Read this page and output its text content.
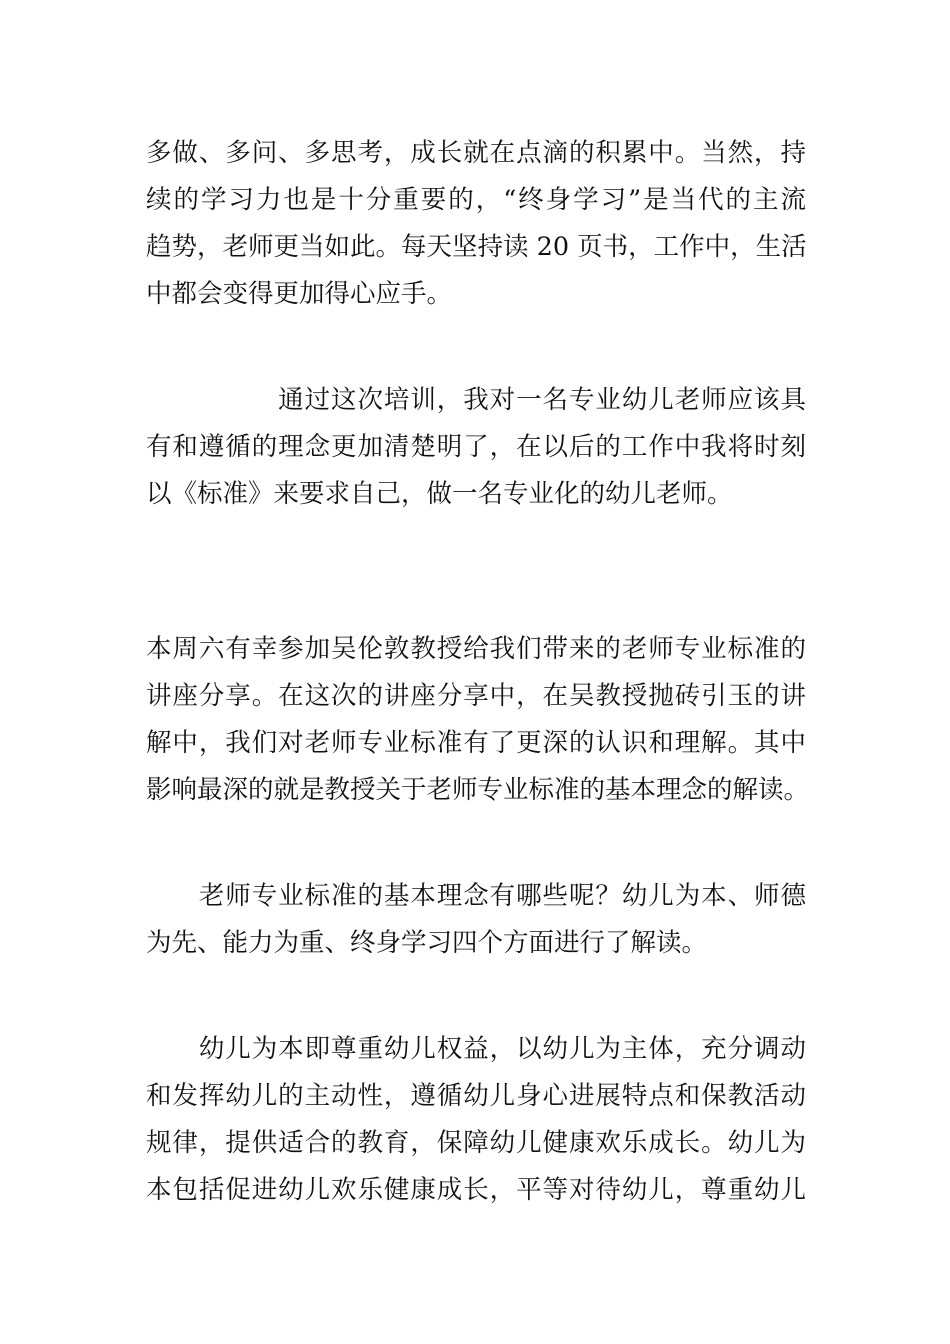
多做、多问、多思考，成长就在点滴的积累中。当然，持

续的学习力也是十分重要的，“终身学习”是当代的主流

趋势，老师更当如此。每天坚持读 20 页书，工作中，生活

中都会变得更加得心应手。

　　　　　通过这次培训，我对一名专业幼儿老师应该具

有和遵循的理念更加清楚明了，在以后的工作中我将时刻

以《标准》来要求自己，做一名专业化的幼儿老师。

本周六有幸参加吴伦敦教授给我们带来的老师专业标准的

讲座分享。在这次的讲座分享中，在吴教授抛砖引玉的讲

解中，我们对老师专业标准有了更深的认识和理解。其中

影响最深的就是教授关于老师专业标准的基本理念的解读。

　　老师专业标准的基本理念有哪些呢？幼儿为本、师德

为先、能力为重、终身学习四个方面进行了解读。

　　幼儿为本即尊重幼儿权益，以幼儿为主体，充分调动

和发挥幼儿的主动性，遵循幼儿身心进展特点和保教活动

规律，提供适合的教育，保障幼儿健康欢乐成长。幼儿为

本包括促进幼儿欢乐健康成长，平等对待幼儿，尊重幼儿
